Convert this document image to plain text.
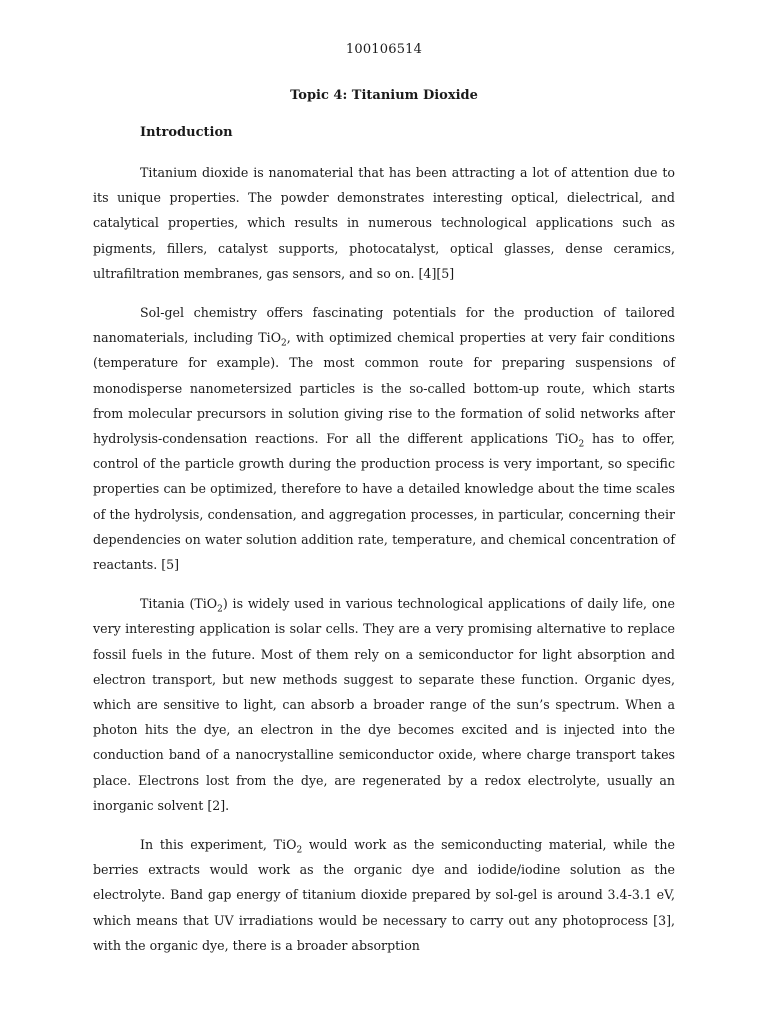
100106514
Topic 4: Titanium Dioxide
Introduction

Titanium dioxide is nanomaterial that has been attracting a lot of attention due to its unique properties. The powder demonstrates interesting optical, dielectrical, and catalytical properties, which results in numerous technological applications such as pigments, fillers, catalyst supports, photocatalyst, optical glasses, dense ceramics, ultrafiltration membranes, gas sensors, and so on. [4][5]

Sol-gel chemistry offers fascinating potentials for the production of tailored nanomaterials, including TiO$_2$, with optimized chemical properties at very fair conditions (temperature for example). The most common route for preparing suspensions of monodisperse nanometersized particles is the so-called bottom-up route, which starts from molecular precursors in solution giving rise to the formation of solid networks after hydrolysis-condensation reactions. For all the different applications TiO$_2$ has to offer, control of the particle growth during the production process is very important, so specific properties can be optimized, therefore to have a detailed knowledge about the time scales of the hydrolysis, condensation, and aggregation processes, in particular, concerning their dependencies on water solution addition rate, temperature, and chemical concentration of reactants. [5]

Titania (TiO$_2$) is widely used in various technological applications of daily life, one very interesting application is solar cells. They are a very promising alternative to replace fossil fuels in the future. Most of them rely on a semiconductor for light absorption and electron transport, but new methods suggest to separate these function. Organic dyes, which are sensitive to light, can absorb a broader range of the sun’s spectrum. When a photon hits the dye, an electron in the dye becomes excited and is injected into the conduction band of a nanocrystalline semiconductor oxide, where charge transport takes place. Electrons lost from the dye, are regenerated by a redox electrolyte, usually an inorganic solvent [2].

In this experiment, TiO$_2$ would work as the semiconducting material, while the berries extracts would work as the organic dye and iodide/iodine solution as the electrolyte. Band gap energy of titanium dioxide prepared by sol-gel is around 3.4-3.1 eV, which means that UV irradiations would be necessary to carry out any photoprocess [3], with the organic dye, there is a broader absorption
